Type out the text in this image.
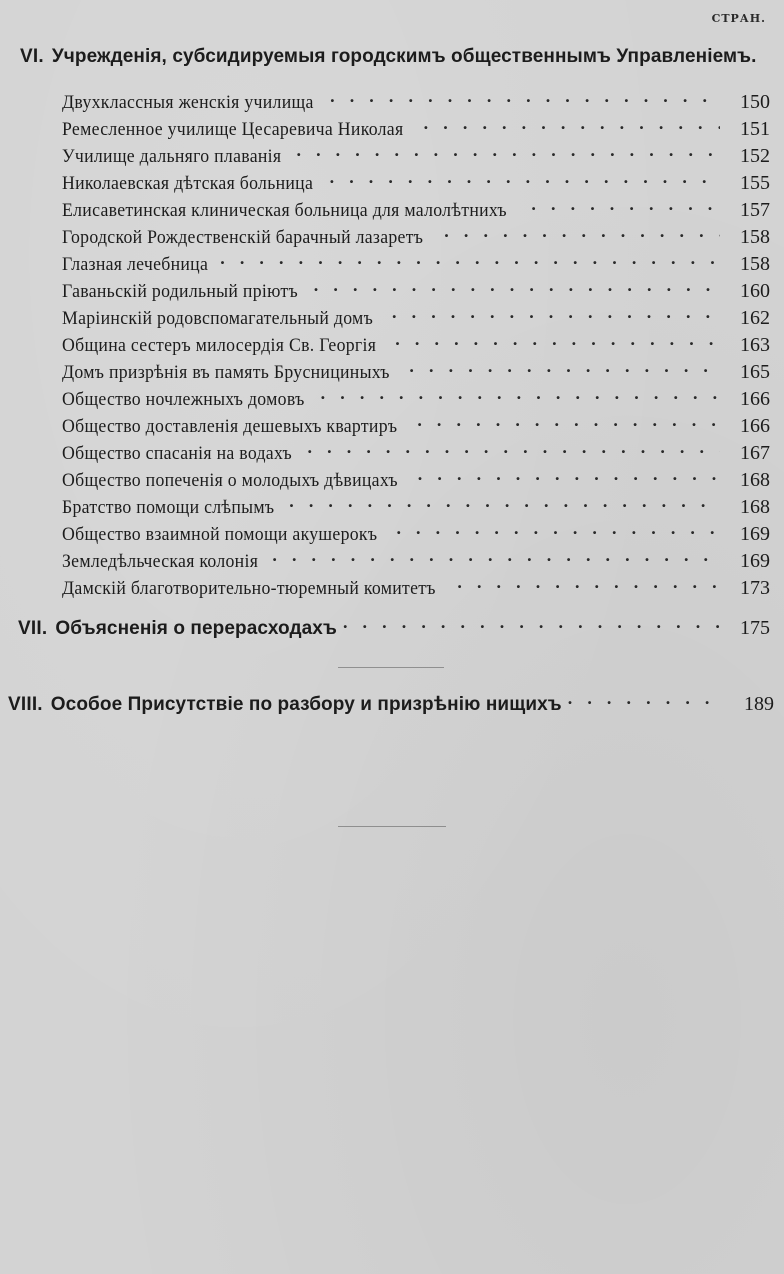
СТРАН.
VI. Учрежденія, субсидируемыя городскимъ общественнымъ Управленіемъ.
Двухклассныя женскія училища . . .	150
Ремесленное училище Цесаревича Николая . . .	151
Училище дальняго плаванія . . .	152
Николаевская дѣтская больница . . .	155
Елисаветинская клиническая больница для малолѣтнихъ . . .	157
Городской Рождественскій барачный лазаретъ . . .	158
Глазная лечебница . . .	158
Гаваньскій родильный пріютъ . . .	160
Маріинскій родовспомагательный домъ . . .	162
Община сестеръ милосердія Св. Георгія . . .	163
Домъ призрѣнія въ память Бруснициныхъ . . .	165
Общество ночлежныхъ домовъ . . .	166
Общество доставленія дешевыхъ квартиръ . . .	166
Общество спасанія на водахъ . . .	167
Общество попеченія о молодыхъ дѣвицахъ . . .	168
Братство помощи слѣпымъ . . .	168
Общество взаимной помощи акушерокъ . . .	169
Земледѣльческая колонія . . .	169
Дамскій благотворительно-тюремный комитетъ . . .	173
VII. Объясненія о перерасходахъ . . .	175
VIII. Особое Присутствіе по разбору и призрѣнію нищихъ . . .	189
